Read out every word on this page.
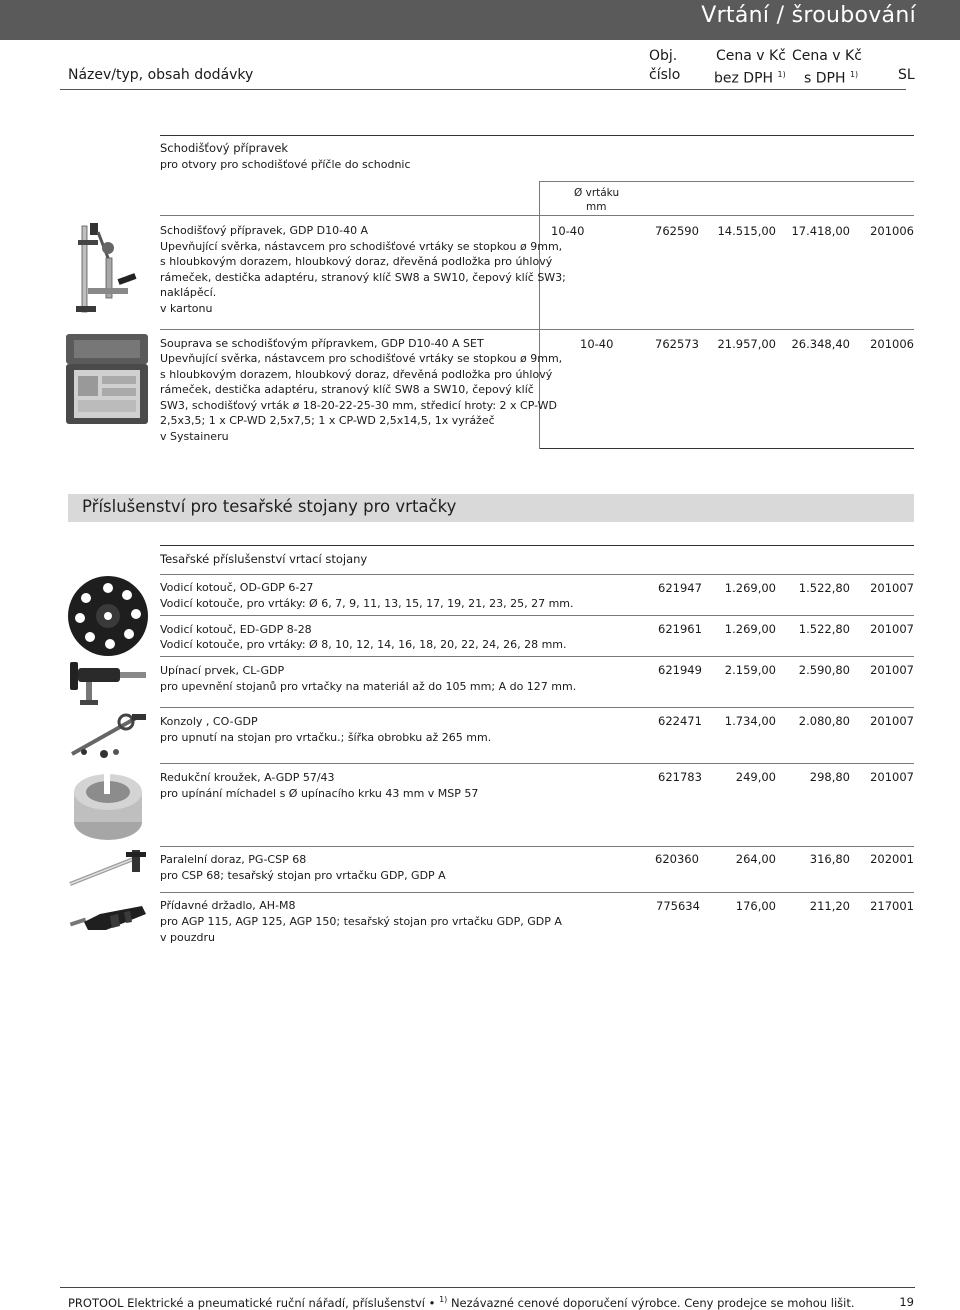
Vrtání / šroubování
Název/typ, obsah dodávky
Obj.
číslo
Cena v Kč
bez DPH $^{1)}$
Cena v Kč
s DPH $^{1)}$	SL
Schodišťový přípravek
pro otvory pro schodišťové příčle do schodnic
Ø vrtáku
mm
Schodišťový přípravek, GDP D10-40 A
Upevňující svěrka, nástavcem pro schodišťové vrtáky se stopkou ø 9mm,
s hloubkovým dorazem, hloubkový doraz, dřevěná podložka pro úhlový
rámeček, destička adaptéru, stranový klíč SW8 a SW10, čepový klíč SW3;
naklápěcí.
v kartonu
10-40	762590	14.515,00	17.418,00	201006
Souprava se schodišťovým přípravkem, GDP D10-40 A SET
Upevňující svěrka, nástavcem pro schodišťové vrtáky se stopkou ø 9mm,
s hloubkovým dorazem, hloubkový doraz, dřevěná podložka pro úhlový
rámeček, destička adaptéru, stranový klíč SW8 a SW10, čepový klíč
SW3, schodišťový vrták ø 18-20-22-25-30 mm, středicí hroty: 2 x CP-WD
2,5x3,5; 1 x CP-WD 2,5x7,5; 1 x CP-WD 2,5x14,5, 1x vyrážeč
v Systaineru
10-40	762573	21.957,00	26.348,40	201006
Příslušenství pro tesařské stojany pro vrtačky
Tesařské příslušenství vrtací stojany
Vodicí kotouč, OD-GDP 6-27
Vodicí kotouče, pro vrtáky: Ø 6, 7, 9, 11, 13, 15, 17, 19, 21, 23, 25, 27 mm.
621947	1.269,00	1.522,80	201007
Vodicí kotouč, ED-GDP 8-28
Vodicí kotouče, pro vrtáky: Ø 8, 10, 12, 14, 16, 18, 20, 22, 24, 26, 28 mm.
621961	1.269,00	1.522,80	201007
Upínací prvek, CL-GDP
pro upevnění stojanů pro vrtačky na materiál až do 105 mm; A do 127 mm.
621949	2.159,00	2.590,80	201007
Konzoly , CO-GDP
pro upnutí na stojan pro vrtačku.; šířka obrobku až 265 mm.
622471	1.734,00	2.080,80	201007
Redukční kroužek, A-GDP 57/43
pro upínání míchadel s Ø upínacího krku 43 mm v MSP 57
621783	249,00	298,80	201007
Paralelní doraz, PG-CSP 68
pro CSP 68; tesařský stojan pro vrtačku GDP, GDP A
620360	264,00	316,80	202001
Přídavné držadlo, AH-M8
pro AGP 115, AGP 125, AGP 150; tesařský stojan pro vrtačku GDP, GDP A
v pouzdru
775634	176,00	211,20	217001
PROTOOL Elektrické a pneumatické ruční nářadí, příslušenství • $^{1)}$ Nezávazné cenové doporučení výrobce. Ceny prodejce se mohou lišit.	19
